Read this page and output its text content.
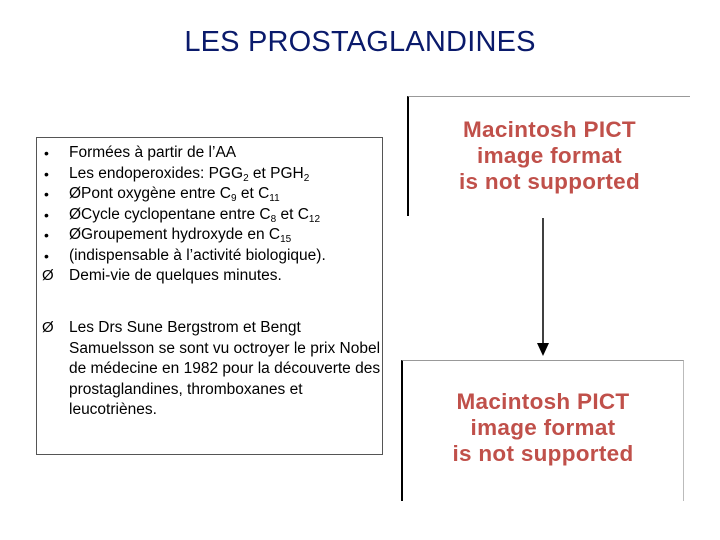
LES PROSTAGLANDINES
•	Formées à partir de l’AA
•	Les endoperoxides: $PGG_2$ et $PGH_2$
•	ØPont oxygène entre $C_9$ et $C_{11}$
•	ØCycle cyclopentane entre $C_8$ et $C_{12}$
•	ØGroupement hydroxyde en $C_{15}$
•	(indispensable à l’activité biologique).
Ø Demi-vie de quelques minutes.
Ø Les Drs Sune Bergstrom et Bengt Samuelsson se sont vu octroyer le prix Nobel de médecine en 1982 pour la découverte des prostaglandines, thromboxanes et leucotriènes.
Macintosh PICT
image format
is not supported
Macintosh PICT
image format
is not supported
